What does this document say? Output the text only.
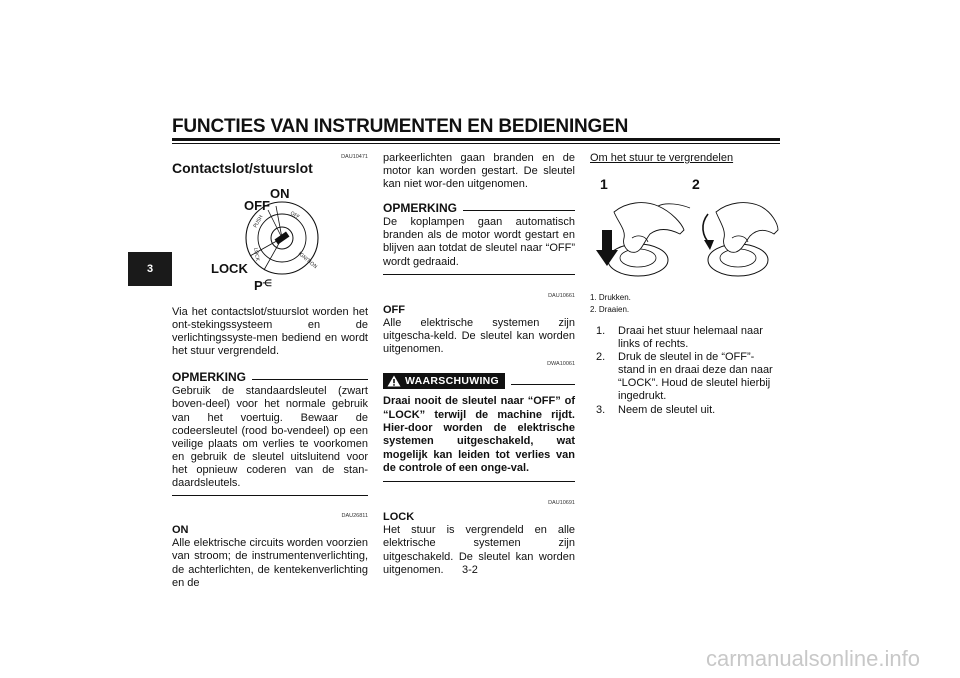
FUNCTIES VAN INSTRUMENTEN EN BEDIENINGEN
3
DAU10471
Contactslot/stuurslot
PUSH	OFF
IGNITION
LOCK
ON
OFF
LOCK
P⋲
Via het contactslot/stuurslot worden het ont-stekingssysteem en de verlichtingssyste-men bediend en wordt het stuur vergrendeld.
OPMERKING
Gebruik de standaardsleutel (zwart boven-deel) voor het normale gebruik van het voertuig. Bewaar de codeersleutel (rood bo-vendeel) op een veilige plaats om verlies te voorkomen en gebruik de sleutel uitsluitend voor het opnieuw coderen van de stan-daardsleutels.
DAU26811
ON
Alle elektrische circuits worden voorzien van stroom; de instrumentenverlichting, de achterlichten, de kentekenverlichting en de
parkeerlichten gaan branden en de motor kan worden gestart. De sleutel kan niet wor-den uitgenomen.
OPMERKING
De koplampen gaan automatisch branden als de motor wordt gestart en blijven aan totdat de sleutel naar “OFF” wordt gedraaid.
DAU10661
OFF
Alle elektrische systemen zijn uitgescha-keld. De sleutel kan worden uitgenomen.
DWA10061
WAARSCHUWING
Draai nooit de sleutel naar “OFF” of “LOCK” terwijl de machine rijdt. Hier-door worden de elektrische systemen uitgeschakeld, wat mogelijk kan leiden tot verlies van de controle of een onge-val.
DAU10691
LOCK
Het stuur is vergrendeld en alle elektrische systemen zijn uitgeschakeld. De sleutel kan worden uitgenomen.
Om het stuur te vergrendelen
1	2
1. Drukken.
2. Draaien.
1.	Draai het stuur helemaal naar links of rechts.
2.	Druk de sleutel in de “OFF”-stand in en draai deze dan naar “LOCK”. Houd de sleutel hierbij ingedrukt.
3.	Neem de sleutel uit.
3-2
carmanualsonline.info
